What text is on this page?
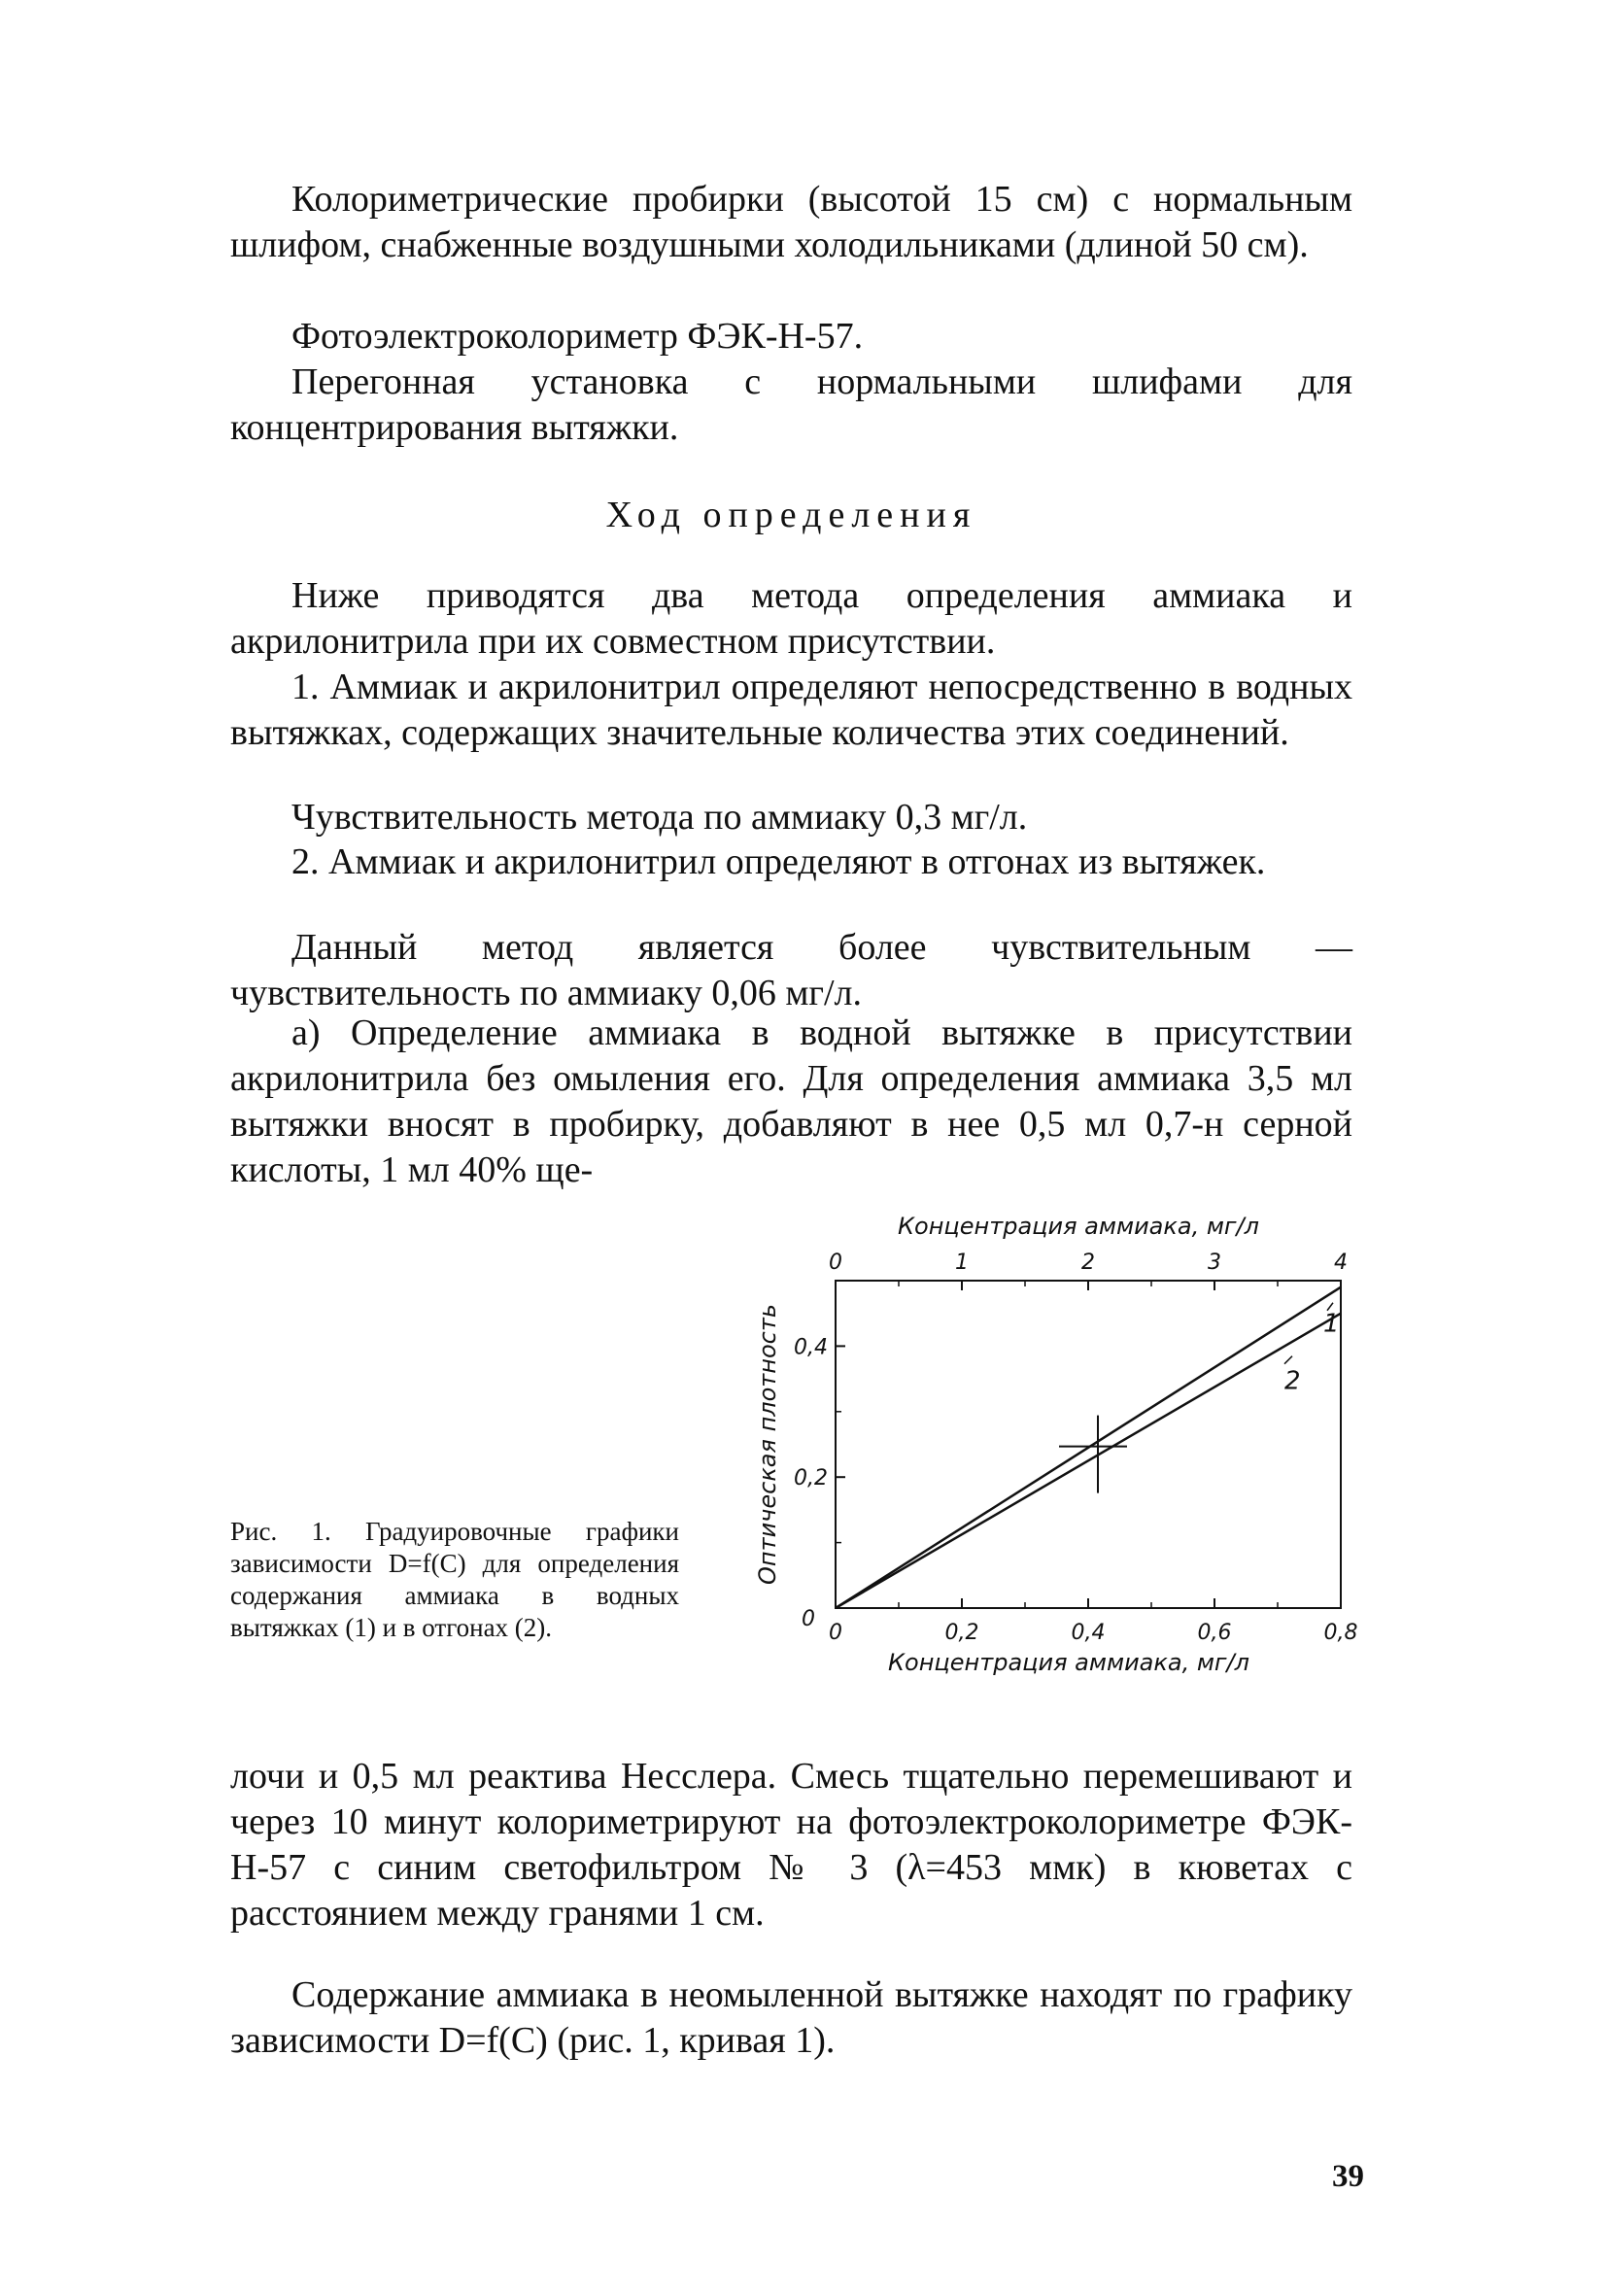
Колориметрические пробирки (высотой 15 см) с нормальным шлифом, снабженные воздушными холодильниками (длиной 50 см).

Фотоэлектроколориметр ФЭК-Н-57.

Перегонная установка с нормальными шлифами для концентрирования вытяжки.

Ход определения

Ниже приводятся два метода определения аммиака и акрилонитрила при их совместном присутствии.

1. Аммиак и акрилонитрил определяют непосредственно в водных вытяжках, содержащих значительные количества этих соединений.

Чувствительность метода по аммиаку 0,3 мг/л.

2. Аммиак и акрилонитрил определяют в отгонах из вытяжек.

Данный метод является более чувствительным — чувствительность по аммиаку 0,06 мг/л.

а) Определение аммиака в водной вытяжке в присутствии акрилонитрила без омыления его. Для определения аммиака 3,5 мл вытяжки вносят в пробирку, добавляют в нее 0,5 мл 0,7-н серной кислоты, 1 мл 40% ще-

0	0,2	0,4	0,6	0,8
0	1	2	3	4
0,2
0,4
0
Концентрация аммиака, мг/л
Концентрация аммиака, мг/л
Оптическая плотность	1
2

Рис. 1. Градуировочные графики зависимости D=f(C) для определения содержания аммиака в водных вытяжках (1) и в отгонах (2).

лочи и 0,5 мл реактива Несслера. Смесь тщательно перемешивают и через 10 минут колориметрируют на фотоэлектроколориметре ФЭК-Н-57 с синим светофильтром № 3 (λ=453 ммк) в кюветах с расстоянием между гранями 1 см.

Содержание аммиака в неомыленной вытяжке находят по графику зависимости D=f(C) (рис. 1, кривая 1).

39
